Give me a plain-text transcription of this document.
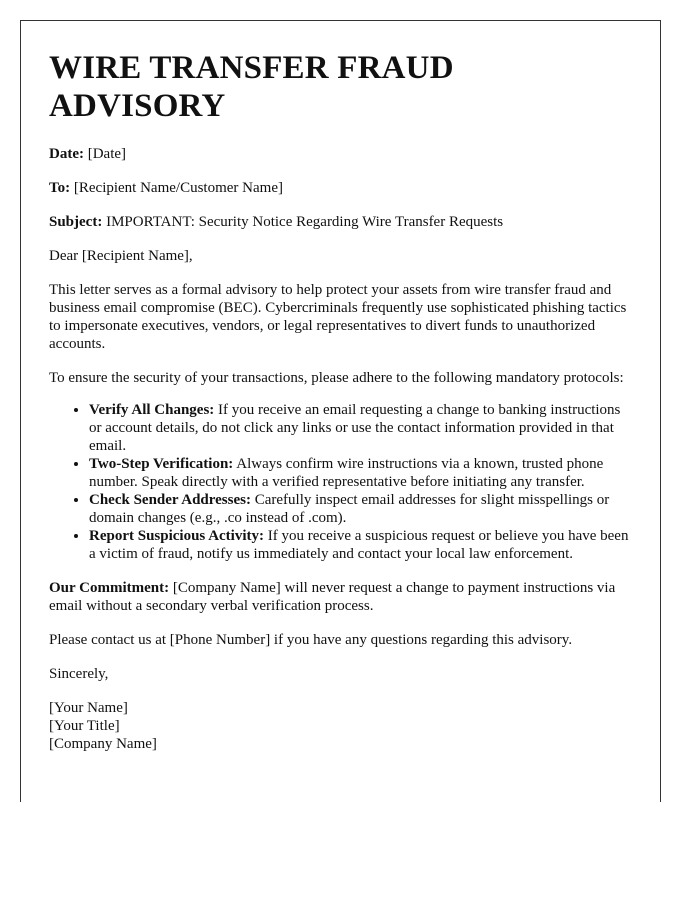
WIRE TRANSFER FRAUD ADVISORY

Date: [Date]

To: [Recipient Name/Customer Name]

Subject: IMPORTANT: Security Notice Regarding Wire Transfer Requests

Dear [Recipient Name],

This letter serves as a formal advisory to help protect your assets from wire transfer fraud and business email compromise (BEC). Cybercriminals frequently use sophisticated phishing tactics to impersonate executives, vendors, or legal representatives to divert funds to unauthorized accounts.

To ensure the security of your transactions, please adhere to the following mandatory protocols:

• Verify All Changes: If you receive an email requesting a change to banking instructions or account details, do not click any links or use the contact information provided in that email.
• Two-Step Verification: Always confirm wire instructions via a known, trusted phone number. Speak directly with a verified representative before initiating any transfer.
• Check Sender Addresses: Carefully inspect email addresses for slight misspellings or domain changes (e.g., .co instead of .com).
• Report Suspicious Activity: If you receive a suspicious request or believe you have been a victim of fraud, notify us immediately and contact your local law enforcement.

Our Commitment: [Company Name] will never request a change to payment instructions via email without a secondary verbal verification process.

Please contact us at [Phone Number] if you have any questions regarding this advisory.

Sincerely,

[Your Name]

[Your Title]

[Company Name]
